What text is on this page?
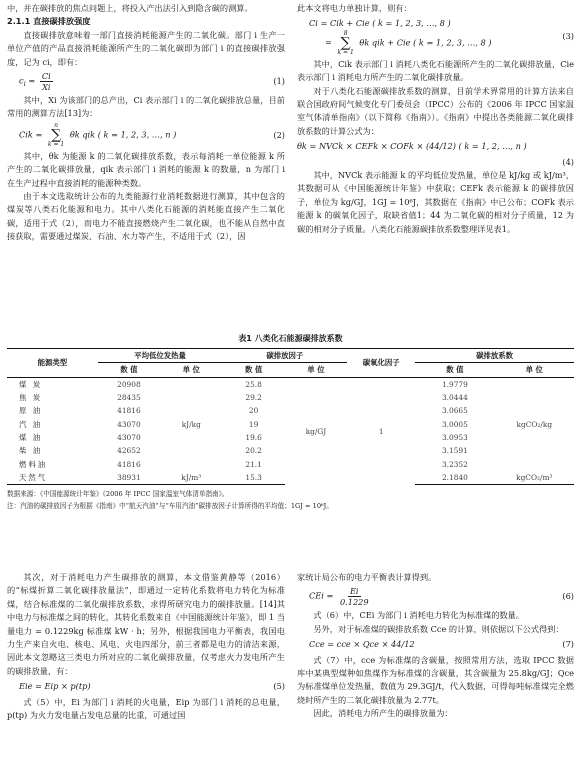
中，并在碳排放的焦点问题上，将投入产出法引入到隐含碳的测算。

2.1.1 直接碳排放强度

直接碳排放意味着一部门直接消耗能源产生的二氧化碳。部门 i 生产一单位产值的产品直接消耗能源所产生的二氧化碳即为部门 i 的直接碳排放强度，记为 ci，即有：

$c_i = \frac{Ci}{Xi}$	(1)

其中，Xi 为该部门的总产出，Ci 表示部门 i 的二氧化碳排放总量，目前常用的测算方法[13]为：

Cik =
n
∑
k = 1
θk qik ( k = 1, 2, 3, …, n )	(2)

其中，θk 为能源 k 的二氧化碳排放系数，表示每消耗一单位能源 k 所产生的二氧化碳排放量，qik 表示部门 i 消耗的能源 k 的数量，n 为部门 i 在生产过程中直接消耗的能源种类数。

由于本文选取统计公布的九类能源行业消耗数据进行测算，其中包含的煤炭等八类石化能源和电力。其中八类化石能源的消耗能直接产生二氧化碳，适用于式（2），而电力不能直接燃烧产生二氧化碳，也不能从自然中直接获取，需要通过煤炭、石油、水力等产生，不适用于式（2），因

此本文将电力单独计算，则有：

Ci = Cik + Cie ( k = 1, 2, 3, …, 8 )
=
8
∑
k = 1
θk qik + Cie ( k = 1, 2, 3, …, 8 )
(3)

其中，Cik 表示部门 i 消耗八类化石能源所产生的二氧化碳排放量，Cie 表示部门 i 消耗电力所产生的二氧化碳排放量。

对于八类化石能源碳排放系数的测算，目前学术界常用的计算方法来自联合国政府间气候变化专门委员会（IPCC）公布的《2006 年 IPCC 国家温室气体清单指南》（以下简称《指南》）。《指南》中提出各类能源二氧化碳排放系数的计算公式为：

θk = NVCk × CEFk × COFk × (44/12) ( k = 1, 2, …, n )
(4)

其中，NVCk 表示能源 k 的平均低位发热量，单位是 kJ/kg 或 kJ/m³，其数据可从《中国能源统计年鉴》中获取；CEFk 表示能源 k 的碳排放因子，单位为 kg/GJ，1GJ = 10⁶J，其数据在《指南》中已公布；COFk 表示能源 k 的碳氧化因子，取缺省值1；44 为二氧化碳的相对分子质量，12 为碳的相对分子质量。八类化石能源碳排放系数整理详见表1。

表1 八类化石能源碳排放系数
能源类型	平均低位发热量		碳排放因子		碳氧化因子	碳排放系数	
	数 值	单 位	数 值	单 位		数 值	单 位
煤 炭	20908	kJ/kg	25.8	kg/GJ	1	1.9779	kgCO₂/kg
焦 炭	28435		29.2			3.0444	
原 油	41816		20			3.0665	
汽 油	43070		19			3.0005	
煤 油	43070		19.6			3.0953	
柴 油	42652		20.2			3.1591	
燃料油	41816		21.1			3.2352	
天然气	38931	kJ/m³	15.3			2.1840	kgCO₂/m³
数据来源：《中国能源统计年鉴》《2006 年 IPCC 国家温室气体清单指南》。
注：汽油的碳排放因子为根据《指南》中“航天汽油”与“车用汽油”碳排放因子计算所得的平均值；1GJ = 10⁶J。

其次，对于消耗电力产生碳排放的测算，本文借鉴黄静等（2016）的“标煤折算二氧化碳排放量法”，即通过一定转化系数将电力转化为标准煤，结合标准煤的二氧化碳排放系数，求得所研究电力的碳排放量。[14]其中电力与标准煤之间的转化，其转化系数来自《中国能源统计年鉴》，即 1 当量电力 = 0.1229kg 标准煤 kW · h；另外，根据我国电力平衡表，我国电力生产来自火电、核电、风电、火电四部分，前三者都是电力的清洁来源，因此本文忽略这三类电力所对应的二氧化碳排放量，仅考虑火力发电所产生的碳排放量，有：

Eie = Eip × p(tp)	(5)

式（5）中，Ei 为部门 i 消耗的火电量，Eip 为部门 i 消耗的总电量，p(tp) 为火力发电量占发电总量的比重，可通过国

家统计局公布的电力平衡表计算得到。

CEi = $\frac{Ei}{0.1229}$	(6)

式（6）中，CEi 为部门 i 消耗电力转化为标准煤的数量。

另外，对于标准煤的碳排放系数 Cce 的计算，则依据以下公式得到：

Cce = cce × Qce × 44/12	(7)

式（7）中，cce 为标准煤的含碳量，按照常用方法，选取 IPCC 数据库中某典型煤种如焦煤作为标准煤的含碳量，其含碳量为 25.8kg/GJ；Qce 为标准煤单位发热量，数值为 29.3GJ/t，代入数据，可得每吨标准煤完全燃烧时所产生的二氧化碳排放量为 2.77t。

因此，消耗电力所产生的碳排放量为：
